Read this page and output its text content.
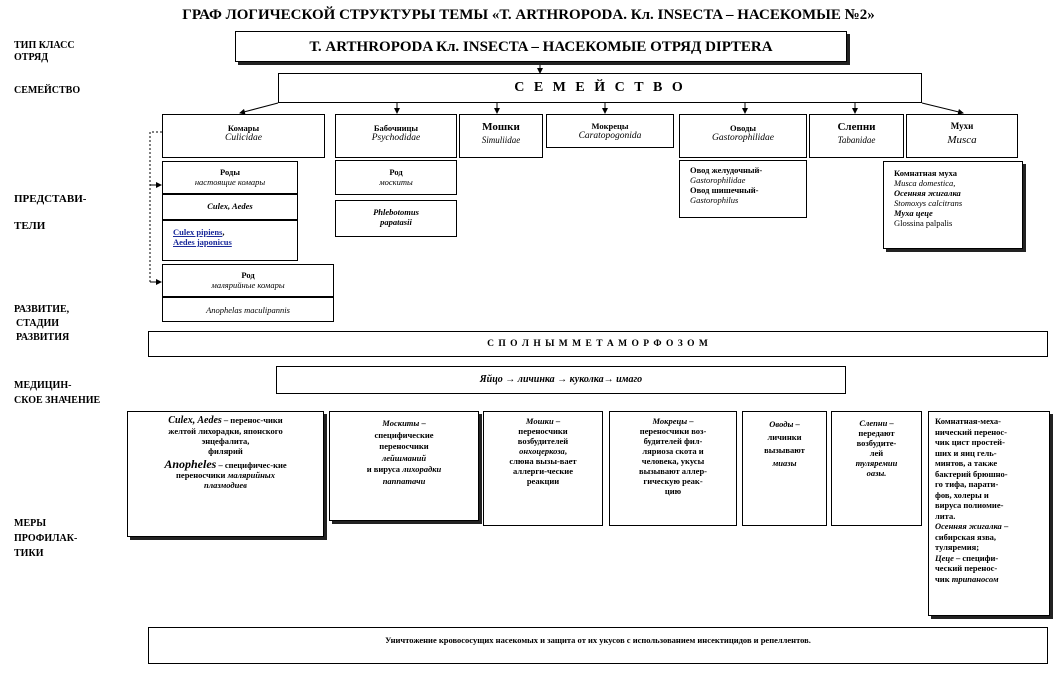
ГРАФ ЛОГИЧЕСКОЙ СТРУКТУРЫ ТЕМЫ «Т. ARTHROPODA. Кл. INSECTA – НАСЕКОМЫЕ №2»
ТИП КЛАСС
ОТРЯД
СЕМЕЙСТВО
ПРЕДСТАВИ-
ТЕЛИ
РАЗВИТИЕ,
СТАДИИ
РАЗВИТИЯ
МЕДИЦИН-
СКОЕ ЗНАЧЕНИЕ
МЕРЫ
ПРОФИЛАК-
ТИКИ
Т. ARTHROPODA Кл. INSECTA – НАСЕКОМЫЕ ОТРЯД DIPTERA
С Е М Е Й С Т В О
Комары
Culicidae
Бабочницы
Psychodidae
Мошки
Simuliidae
Мокрецы
Caratopogonida
Оводы
Gastorophilidae
Слепни
Tabanidae
Мухи
Musca
Роды
настоящие комары
Culex, Aedes
Culex pipiens,
Aedes japonicus
Род
малярийные комары
Anophelas maculipannis
Род
москиты
Phlebotomus
papatasii
Овод желудочный-
Gastorophilidae
Овод шишечный-
Gastorophilus
Комнатная муха
Musca domestica,
Осенняя жигалка
Stomoxys calcitrans
Муха цеце
Glossina palpalis
С П О Л Н Ы М М Е Т А М О Р Ф О З О М
Яйцо → личинка → куколка→ имаго
Culex, Aedes – перенос-чики
желтой лихорадки, японского
энцефалита,
филярий
Anopheles – специфичес-кие
переносчики малярийных
плазмодиев
Москиты –
специфические
переносчики
лейшманий
и вируса лихорадки
паппатачи
Мошки –
переносчики
возбудителей
онхоцеркоза,
слюна вызы-вает
аллерги-ческие
реакции
Мокрецы –
переносчики воз-
будителей фил-
ляриоза скота и
человека, укусы
вызывают аллер-
гическую реак-
цию
Оводы –
личинки
вызывают
миазы
Слепни –
передают
возбудите-
лей
туляремии
оазы.
Комнатная-меха-
нический перенос-
чик цист простей-
ших и яиц гель-
минтов, а также
бактерий брюшно-
го тифа, парати-
фов, холеры и
вируса полиомие-
лита.
Осенняя жигалка –
сибирская язва,
туляремия;
Цеце – специфи-
ческий перенос-
чик трипаносом
Уничтожение кровососущих насекомых и защита от их укусов с использованием инсектицидов и репеллентов.
